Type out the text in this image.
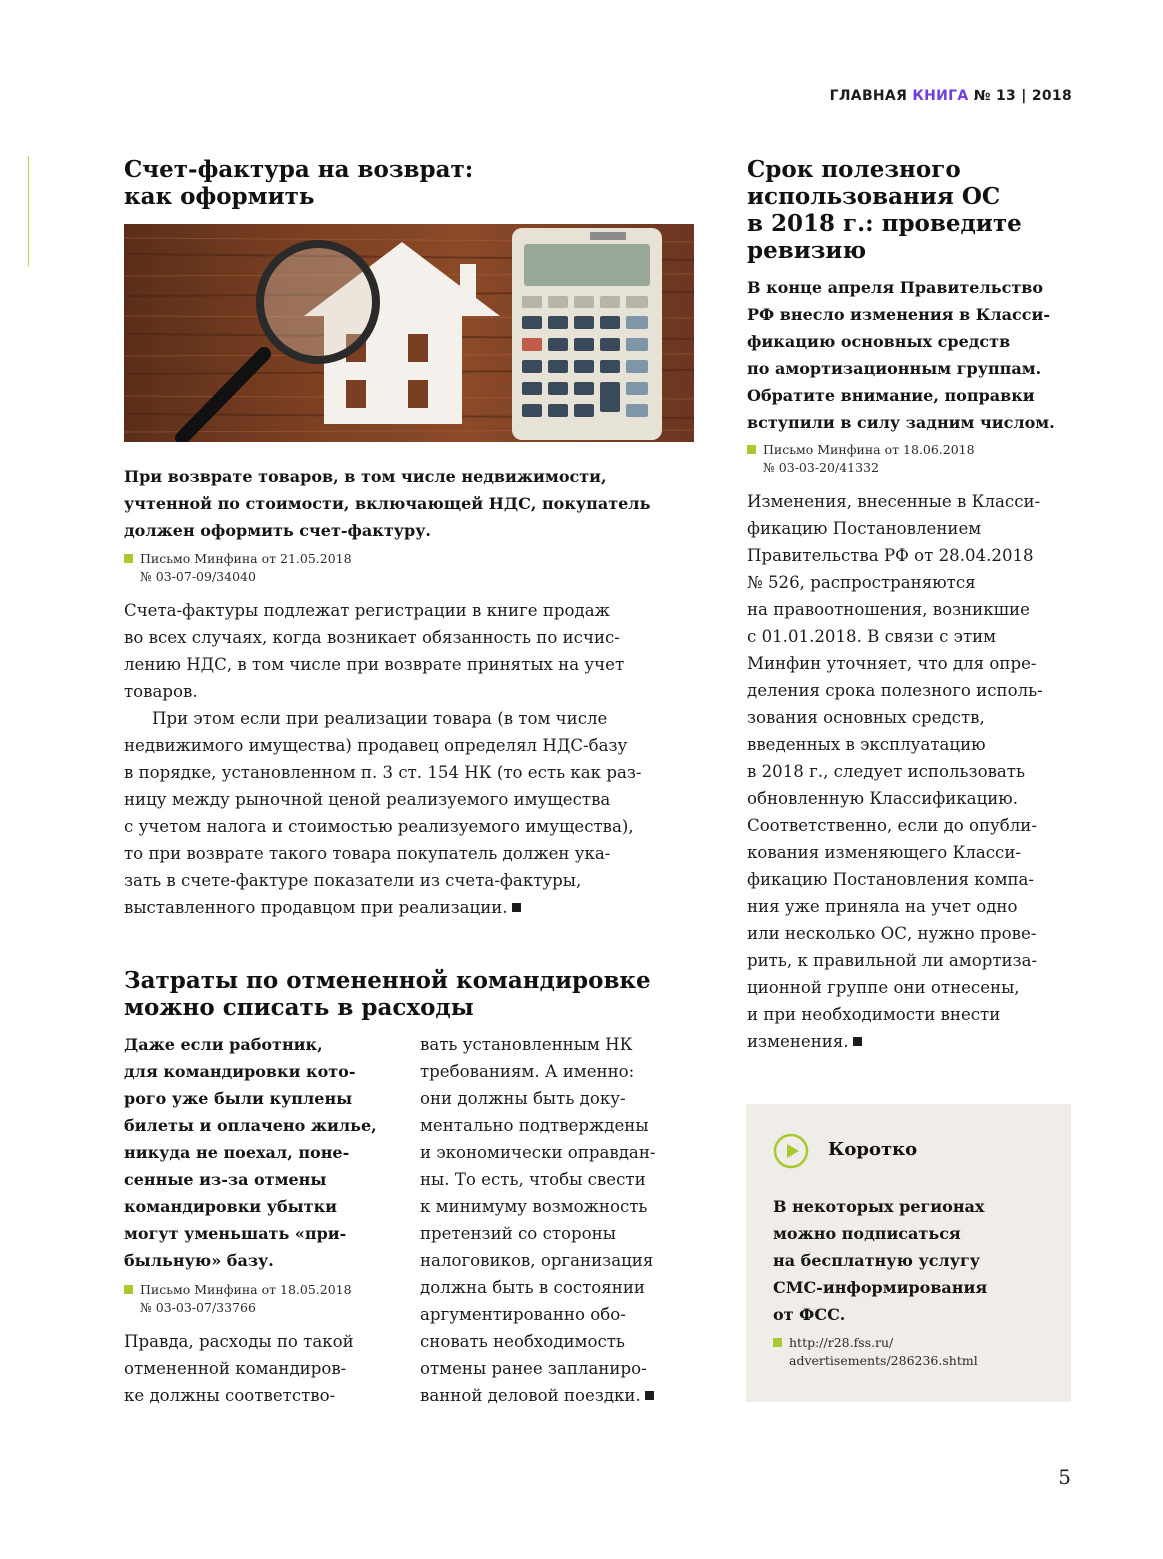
ГЛАВНАЯ КНИГА № 13 | 2018
Счет-фактура на возврат:
как оформить
При возврате товаров, в том числе недвижимости,
учтенной по стоимости, включающей НДС, покупатель
должен оформить счет-фактуру.
Письмо Минфина от 21.05.2018
№ 03-07-09/34040

Счета-фактуры подлежат регистрации в книге продаж
во всех случаях, когда возникает обязанность по исчис-
лению НДС, в том числе при возврате принятых на учет
товаров.

При этом если при реализации товара (в том числе
недвижимого имущества) продавец определял НДС-базу
в порядке, установленном п. 3 ст. 154 НК (то есть как раз-
ницу между рыночной ценой реализуемого имущества
с учетом налога и стоимостью реализуемого имущества),
то при возврате такого товара покупатель должен ука-
зать в счете-фактуре показатели из счета-фактуры,
выставленного продавцом при реализации.

Затраты по отмененной командировке
можно списать в расходы
Даже если работник,
для командировки кото-
рого уже были куплены
билеты и оплачено жилье,
никуда не поехал, поне-
сенные из-за отмены
командировки убытки
могут уменьшать «при-
быльную» базу.
Письмо Минфина от 18.05.2018
№ 03-03-07/33766
Правда, расходы по такой
отмененной командиров-
ке должны соответство-
вать установленным НК
требованиям. А именно:
они должны быть доку-
ментально подтверждены
и экономически оправдан-
ны. То есть, чтобы свести
к минимуму возможность
претензий со стороны
налоговиков, организация
должна быть в состоянии
аргументированно обо-
сновать необходимость
отмены ранее запланиро-
ванной деловой поездки.
Срок полезного
использования ОС
в 2018 г.: проведите
ревизию
В конце апреля Правительство
РФ внесло изменения в Класси-
фикацию основных средств
по амортизационным группам.
Обратите внимание, поправки
вступили в силу задним числом.
Письмо Минфина от 18.06.2018
№ 03-03-20/41332
Изменения, внесенные в Класси-
фикацию Постановлением
Правительства РФ от 28.04.2018
№ 526, распространяются
на правоотношения, возникшие
с 01.01.2018. В связи с этим
Минфин уточняет, что для опре-
деления срока полезного исполь-
зования основных средств,
введенных в эксплуатацию
в 2018 г., следует использовать
обновленную Классификацию.
Соответственно, если до опубли-
кования изменяющего Класси-
фикацию Постановления компа-
ния уже приняла на учет одно
или несколько ОС, нужно прове-
рить, к правильной ли амортиза-
ционной группе они отнесены,
и при необходимости внести
изменения.
Коротко
В некоторых регионах
можно подписаться
на бесплатную услугу
СМС-информирования
от ФСС.
http://r28.fss.ru/
advertisements/286236.shtml
5
